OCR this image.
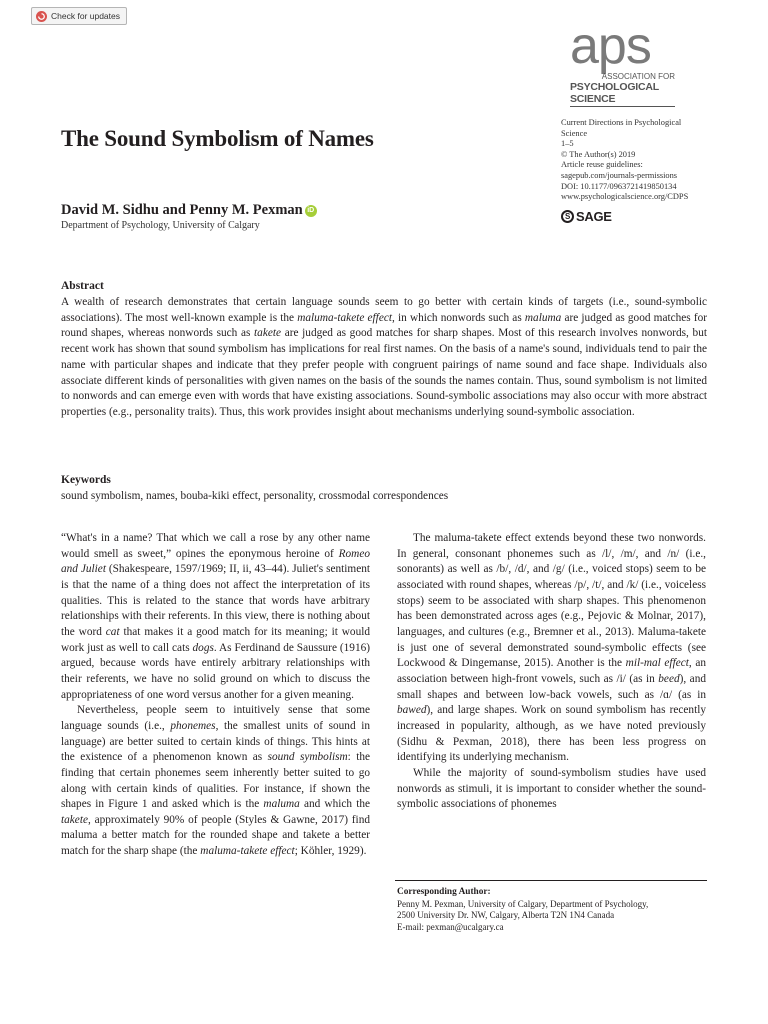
Check for updates
aps
ASSOCIATION FOR
PSYCHOLOGICAL SCIENCE
Current Directions in Psychological
Science
1–5
© The Author(s) 2019
Article reuse guidelines:
sagepub.com/journals-permissions
DOI: 10.1177/0963721419850134
www.psychologicalscience.org/CDPS
S SAGE
The Sound Symbolism of Names
David M. Sidhu and Penny M. Pexman iD
Department of Psychology, University of Calgary
Abstract
A wealth of research demonstrates that certain language sounds seem to go better with certain kinds of targets (i.e., sound-symbolic associations). The most well-known example is the maluma-takete effect, in which nonwords such as maluma are judged as good matches for round shapes, whereas nonwords such as takete are judged as good matches for sharp shapes. Most of this research involves nonwords, but recent work has shown that sound symbolism has implications for real first names. On the basis of a name's sound, individuals tend to pair the name with particular shapes and indicate that they prefer people with congruent pairings of name sound and face shape. Individuals also associate different kinds of personalities with given names on the basis of the sounds the names contain. Thus, sound symbolism is not limited to nonwords and can emerge even with words that have existing associations. Sound-symbolic associations may also occur with more abstract properties (e.g., personality traits). Thus, this work provides insight about mechanisms underlying sound-symbolic association.
Keywords
sound symbolism, names, bouba-kiki effect, personality, crossmodal correspondences

“What's in a name? That which we call a rose by any other name would smell as sweet,” opines the eponymous heroine of Romeo and Juliet (Shakespeare, 1597/1969; II, ii, 43–44). Juliet's sentiment is that the name of a thing does not affect the interpretation of its qualities. This is related to the stance that words have arbitrary relationships with their referents. In this view, there is nothing about the word cat that makes it a good match for its meaning; it would work just as well to call cats dogs. As Ferdinand de Saussure (1916) argued, because words have entirely arbitrary relationships with their referents, we have no solid ground on which to discuss the appropriateness of one word versus another for a given meaning.

Nevertheless, people seem to intuitively sense that some language sounds (i.e., phonemes, the smallest units of sound in language) are better suited to certain kinds of things. This hints at the existence of a phenomenon known as sound symbolism: the finding that certain phonemes seem inherently better suited to go along with certain kinds of qualities. For instance, if shown the shapes in Figure 1 and asked which is the maluma and which the takete, approximately 90% of people (Styles & Gawne, 2017) find maluma a better match for the rounded shape and takete a better match for the sharp shape (the maluma-takete effect; Köhler, 1929).

The maluma-takete effect extends beyond these two nonwords. In general, consonant phonemes such as /l/, /m/, and /n/ (i.e., sonorants) as well as /b/, /d/, and /g/ (i.e., voiced stops) seem to be associated with round shapes, whereas /p/, /t/, and /k/ (i.e., voiceless stops) seem to be associated with sharp shapes. This phenomenon has been demonstrated across ages (e.g., Pejovic & Molnar, 2017), languages, and cultures (e.g., Bremner et al., 2013). Maluma-takete is just one of several demonstrated sound-symbolic effects (see Lockwood & Dingemanse, 2015). Another is the mil-mal effect, an association between high-front vowels, such as /i/ (as in beed), and small shapes and between low-back vowels, such as /ɑ/ (as in bawed), and large shapes. Work on sound symbolism has recently increased in popularity, although, as we have noted previously (Sidhu & Pexman, 2018), there has been less progress on identifying its underlying mechanism.

While the majority of sound-symbolism studies have used nonwords as stimuli, it is important to consider whether the sound-symbolic associations of phonemes

Corresponding Author:
Penny M. Pexman, University of Calgary, Department of Psychology,
2500 University Dr. NW, Calgary, Alberta T2N 1N4 Canada
E-mail: pexman@ucalgary.ca
